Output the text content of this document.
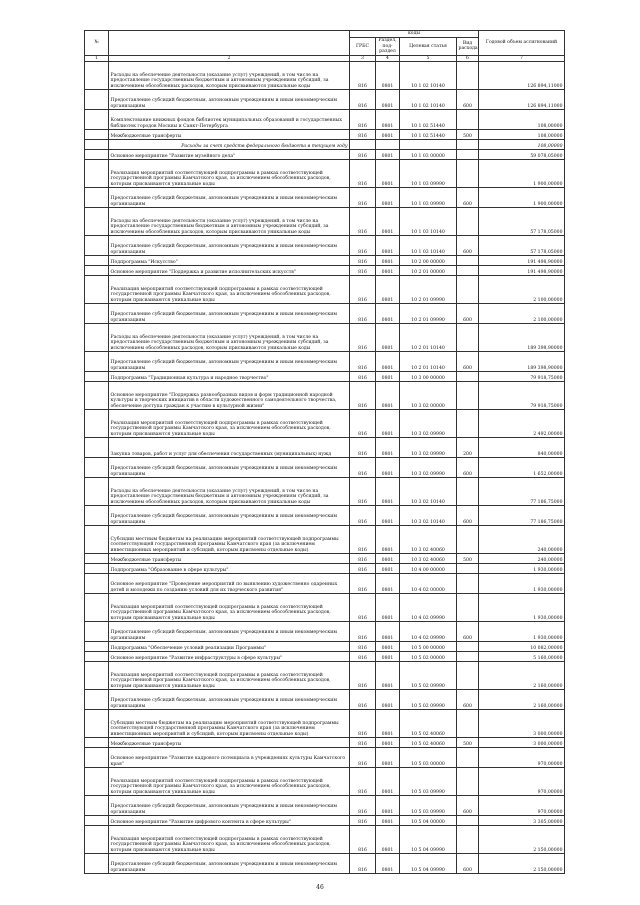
№		коды				Годовой объем ассигнований
		ГРБС	Раздел, под-раздел	Целевая статья	Вид расхода	
1	2	3	4	5	6	7
	Расходы на обеспечение деятельности (оказание услуг) учреждений, в том числе на предоставление государственным бюджетным и автономным учреждениям субсидий, за исключением обособленных расходов, которым присваиваются уникальные коды	816	0801	10 1 02 10140		126 894,11000
	Предоставление субсидий бюджетным, автономным учреждениям и иным некоммерческим организациям	816	0801	10 1 02 10140	600	126 894,11000
	Комплектование книжных фондов библиотек муниципальных образований и государственных библиотек городов Москвы и Санкт-Петербурга	816	0801	10 1 02 51440		108,00000
	Межбюджетные трансферты	816	0801	10 1 02 51440	500	108,00000
	Расходы за счет средств федерального бюджета в текущем году					108,00000
	Основное мероприятие "Развитие музейного дела"	816	0801	10 1 03 00000		59 078,05000
	Реализация мероприятий соответствующей подпрограммы в рамках соответствующей государственной программы Камчатского края, за исключением обособленных расходов, которым присваиваются уникальные коды	816	0801	10 1 03 09990		1 900,00000
	Предоставление субсидий бюджетным, автономным учреждениям и иным некоммерческим организациям	816	0801	10 1 03 09990	600	1 900,00000
	Расходы на обеспечение деятельности (оказание услуг) учреждений, в том числе на предоставление государственным бюджетным и автономным учреждениям субсидий, за исключением обособленных расходов, которым присваиваются уникальные коды	816	0801	10 1 03 10140		57 178,05000
	Предоставление субсидий бюджетным, автономным учреждениям и иным некоммерческим организациям	816	0801	10 1 03 10140	600	57 178,05000
	Подпрограмма "Искусство"	816	0801	10 2 00 00000		191 498,90000
	Основное мероприятие "Поддержка и развитие исполнительских искусств"	816	0801	10 2 01 00000		191 498,90000
	Реализация мероприятий соответствующей подпрограммы в рамках соответствующей государственной программы Камчатского края, за исключением обособленных расходов, которым присваиваются уникальные коды	816	0801	10 2 01 09990		2 100,00000
	Предоставление субсидий бюджетным, автономным учреждениям и иным некоммерческим организациям	816	0801	10 2 01 09990	600	2 100,00000
	Расходы на обеспечение деятельности (оказание услуг) учреждений, в том числе на предоставление государственным бюджетным и автономным учреждениям субсидий, за исключением обособленных расходов, которым присваиваются уникальные коды	816	0801	10 2 01 10140		189 398,90000
	Предоставление субсидий бюджетным, автономным учреждениям и иным некоммерческим организациям	816	0801	10 2 01 10140	600	189 398,90000
	Подпрограмма "Традиционная культура и народное творчество"	816	0801	10 3 00 00000		79 918,75000
	Основное мероприятие "Поддержка разнообразных видов и форм традиционной народной культуры и творческих инициатив в области художественного самодеятельного творчества, обеспечение доступа граждан к участию в культурной жизни"	816	0801	10 3 02 00000		79 918,75000
	Реализация мероприятий соответствующей подпрограммы в рамках соответствующей государственной программы Камчатского края, за исключением обособленных расходов, которым присваиваются уникальные коды	816	0801	10 3 02 09990		2 492,00000
	Закупка товаров, работ и услуг для обеспечения государственных (муниципальных) нужд	816	0801	10 3 02 09990	200	840,00000
	Предоставление субсидий бюджетным, автономным учреждениям и иным некоммерческим организациям	816	0801	10 3 02 09990	600	1 652,00000
	Расходы на обеспечение деятельности (оказание услуг) учреждений, в том числе на предоставление государственным бюджетным и автономным учреждениям субсидий, за исключением обособленных расходов, которым присваиваются уникальные коды	816	0801	10 3 02 10140		77 186,75000
	Предоставление субсидий бюджетным, автономным учреждениям и иным некоммерческим организациям	816	0801	10 3 02 10140	600	77 186,75000
	Субсидии местным бюджетам на реализацию мероприятий соответствующей подпрограммы соответствующей государственной программы Камчатского края (за исключением инвестиционных мероприятий и субсидий, которым присвоены отдельные коды)	816	0801	10 3 02 40060		240,00000
	Межбюджетные трансферты	816	0801	10 3 02 40060	500	240,00000
	Подпрограмма "Образование в сфере культуры"	816	0801	10 4 00 00000		1 930,00000
	Основное мероприятие "Проведение мероприятий по выявлению художественно одаренных детей и молодежи по созданию условий для их творческого развития"	816	0801	10 4 02 00000		1 930,00000
	Реализация мероприятий соответствующей подпрограммы в рамках соответствующей государственной программы Камчатского края, за исключением обособленных расходов, которым присваиваются уникальные коды	816	0801	10 4 02 09990		1 930,00000
	Предоставление субсидий бюджетным, автономным учреждениям и иным некоммерческим организациям	816	0801	10 4 02 09990	600	1 930,00000
	Подпрограмма "Обеспечение условий реализации Программы"	816	0801	10 5 00 00000		10 082,00000
	Основное мероприятие "Развитие инфраструктуры в сфере культуры"	816	0801	10 5 02 00000		5 160,00000
	Реализация мероприятий соответствующей подпрограммы в рамках соответствующей государственной программы Камчатского края, за исключением обособленных расходов, которым присваиваются уникальные коды	816	0801	10 5 02 09990		2 160,00000
	Предоставление субсидий бюджетным, автономным учреждениям и иным некоммерческим организациям	816	0801	10 5 02 09990	600	2 160,00000
	Субсидии местным бюджетам на реализацию мероприятий соответствующей подпрограммы соответствующей государственной программы Камчатского края (за исключением инвестиционных мероприятий и субсидий, которым присвоены отдельные коды)	816	0801	10 5 02 40060		3 000,00000
	Межбюджетные трансферты	816	0801	10 5 02 40060	500	3 000,00000
	Основное мероприятие "Развитие кадрового потенциала в учреждениях культуры Камчатского края"	816	0801	10 5 03 00000		970,00000
	Реализация мероприятий соответствующей подпрограммы в рамках соответствующей государственной программы Камчатского края, за исключением обособленных расходов, которым присваиваются уникальные коды	816	0801	10 5 03 09990		970,00000
	Предоставление субсидий бюджетным, автономным учреждениям и иным некоммерческим организациям	816	0801	10 5 03 09990	600	970,00000
	Основное мероприятие "Развитие цифрового контента в сфере культуры"	816	0801	10 5 04 00000		3 305,00000
	Реализация мероприятий соответствующей подпрограммы в рамках соответствующей государственной программы Камчатского края, за исключением обособленных расходов, которым присваиваются уникальные коды	816	0801	10 5 04 09990		2 150,00000
	Предоставление субсидий бюджетным, автономным учреждениям и иным некоммерческим организациям	816	0801	10 5 04 09990	600	2 150,00000
46
